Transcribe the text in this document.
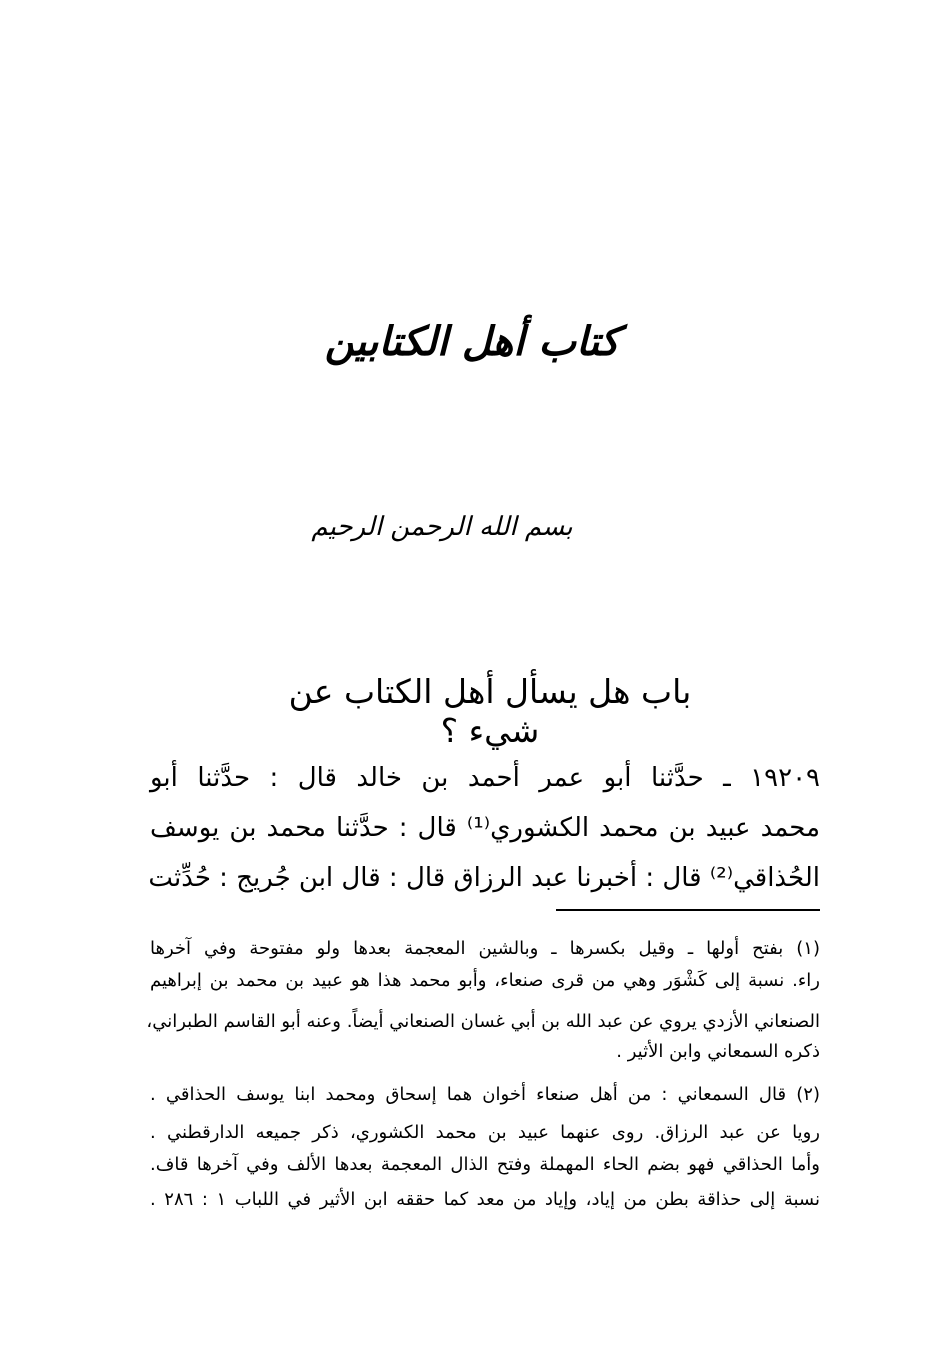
كتاب أهل الكتابين
بسم الله الرحمن الرحيم
باب هل يسأل أهل الكتاب عن شيء ؟
١٩٢٠٩ ـ حدَّثنا أبو عمر أحمد بن خالد قال : حدَّثنا أبو
محمد عبيد بن محمد الكشوري⁽¹⁾ قال : حدَّثنا محمد بن يوسف
الحُذاقي⁽²⁾ قال : أخبرنا عبد الرزاق قال : قال ابن جُريج : حُدِّثت
(١) بفتح أولها ـ وقيل بكسرها ـ وبالشين المعجمة بعدها ولو مفتوحة وفي آخرها
راء. نسبة إلى كَشْوَر وهي من قرى صنعاء، وأبو محمد هذا هو عبيد بن محمد بن إبراهيم
الصنعاني الأزدي يروي عن عبد الله بن أبي غسان الصنعاني أيضاً. وعنه أبو القاسم الطبراني،
ذكره السمعاني وابن الأثير .
(٢) قال السمعاني : من أهل صنعاء أخوان هما إسحاق ومحمد ابنا يوسف الحذاقي .
رويا عن عبد الرزاق. روى عنهما عبيد بن محمد الكشوري، ذكر جميعه الدارقطني .
وأما الحذاقي فهو بضم الحاء المهملة وفتح الذال المعجمة بعدها الألف وفي آخرها قاف.
نسبة إلى حذاقة بطن من إياد، وإياد من معد كما حققه ابن الأثير في اللباب ١ : ٢٨٦ .
